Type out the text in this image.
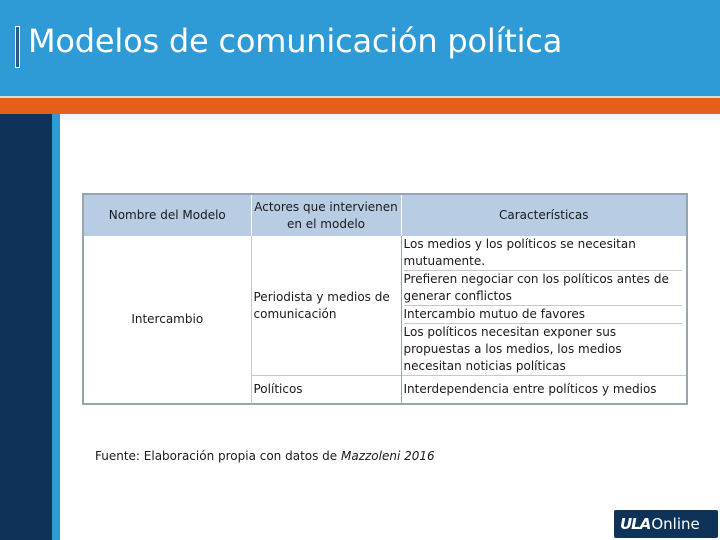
Modelos de comunicación política
Nombre del Modelo	Actores que intervienen en el modelo	Características
Intercambio	Periodista y medios de comunicación	Los medios y los políticos se necesitan mutuamente.
Prefieren negociar con los políticos antes de generar conflictos
Intercambio mutuo de favores
Los políticos necesitan exponer sus propuestas a los medios, los medios necesitan noticias políticas

	Políticos	Interdependencia entre políticos y medios
Fuente: Elaboración propia con datos de Mazzoleni 2016
ULA Online
